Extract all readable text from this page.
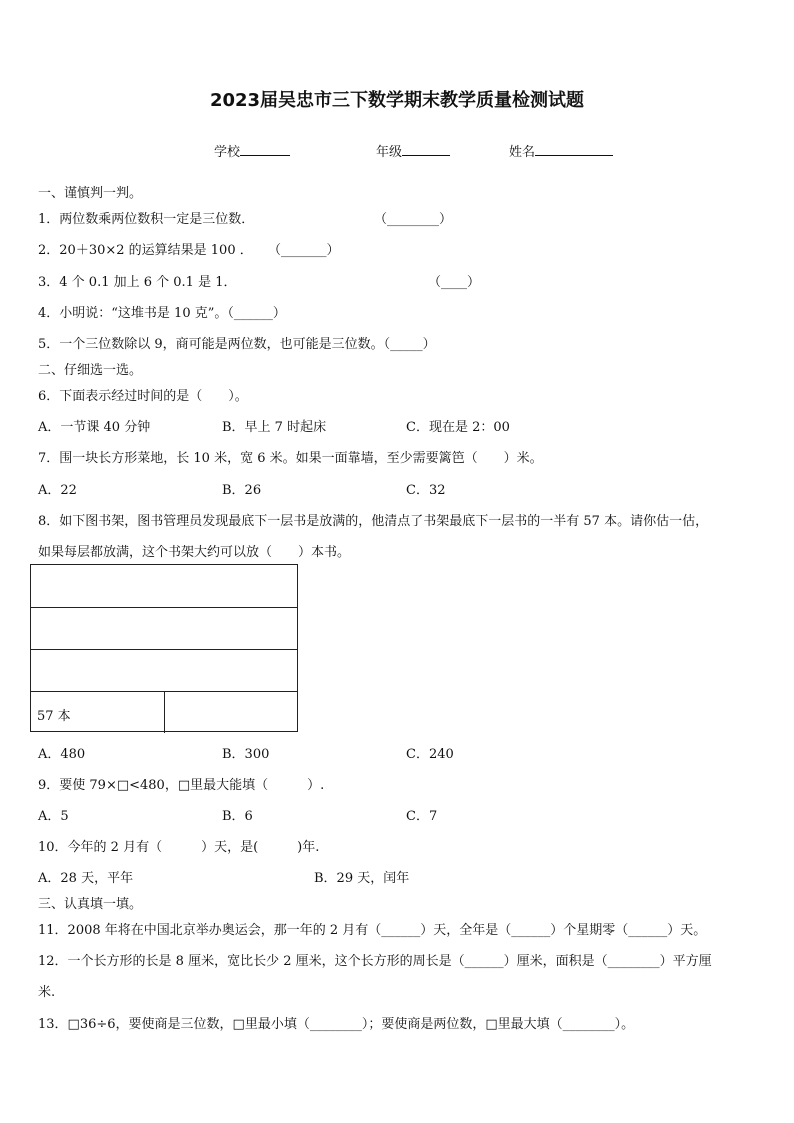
2023届吴忠市三下数学期末教学质量检测试题
学校	年级	姓名
一、谨慎判一判。
1．两位数乘两位数积一定是三位数．	（________）
2．20＋30×2 的运算结果是 100 ． （_______）
3．4 个 0.1 加上 6 个 0.1 是 1．	（____）
4．小明说：“这堆书是 10 克”。（______）
5．一个三位数除以 9，商可能是两位数，也可能是三位数。（_____）
二、仔细选一选。
6．下面表示经过时间的是（　　）。
A．一节课 40 分钟	B．早上 7 时起床	C．现在是 2：00
7．围一块长方形菜地，长 10 米，宽 6 米。如果一面靠墙，至少需要篱笆（　　）米。
A．22	B．26	C．32
8．如下图书架，图书管理员发现最底下一层书是放满的，他清点了书架最底下一层书的一半有 57 本。请你估一估，
如果每层都放满，这个书架大约可以放（　　）本书。
57 本
A．480	B．300	C．240
9．要使 79×□<480，□里最大能填（　　　）.
A．5	B．6	C．7
10．今年的 2 月有（　　　）天，是(　　　)年.
A．28 天，平年	B．29 天，闰年
三、认真填一填。
11．2008 年将在中国北京举办奥运会，那一年的 2 月有（______）天，全年是（______）个星期零（______）天。
12．一个长方形的长是 8 厘米，宽比长少 2 厘米，这个长方形的周长是（______）厘米，面积是（________）平方厘
米.
13．□36÷6，要使商是三位数，□里最小填（________）；要使商是两位数，□里最大填（________）。
